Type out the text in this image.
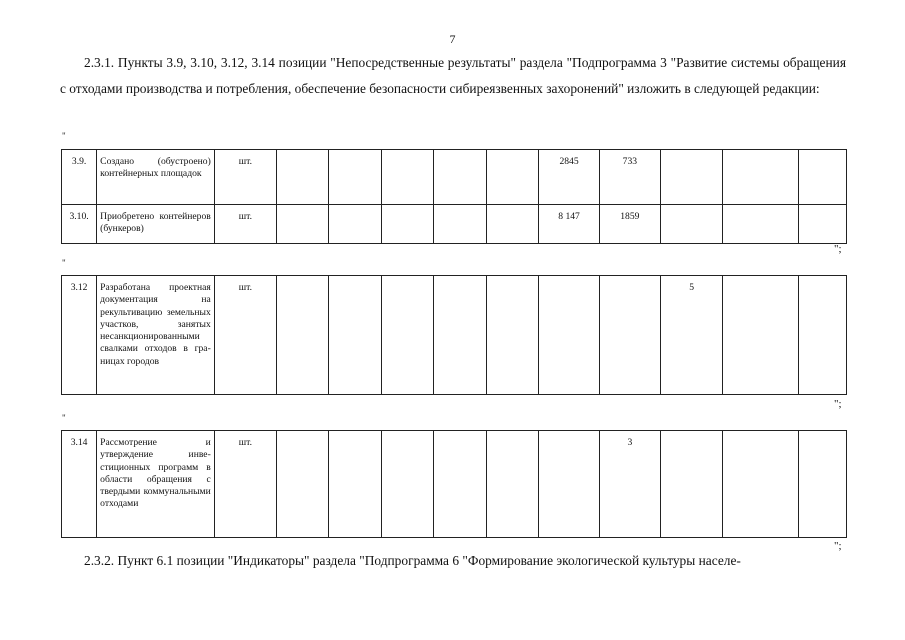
7
2.3.1. Пункты 3.9, 3.10, 3.12, 3.14 позиции "Непосредственные результаты" раздела "Подпрограмма 3 "Развитие системы обращения с отходами производства и потребления, обеспечение безопасности сибиреязвенных захоронений" изложить в следующей редакции:
"
3.9.	Создано (обустроено) контейнерных площадок	шт.						2845	733			
3.10.	Приобретено контейнеров (бункеров)	шт.						8 147	1859			
";
"
3.12	Разработана проектная документация на рекультивацию земельных участков, занятых несанкционированными свалками отходов в границах городов	шт.								5		
";
"
3.14	Рассмотрение и утверждение инвестиционных программ в области обращения с твердыми коммунальными отходами	шт.							3			
";
2.3.2. Пункт 6.1 позиции "Индикаторы" раздела "Подпрограмма 6 "Формирование экологической культуры населе-
